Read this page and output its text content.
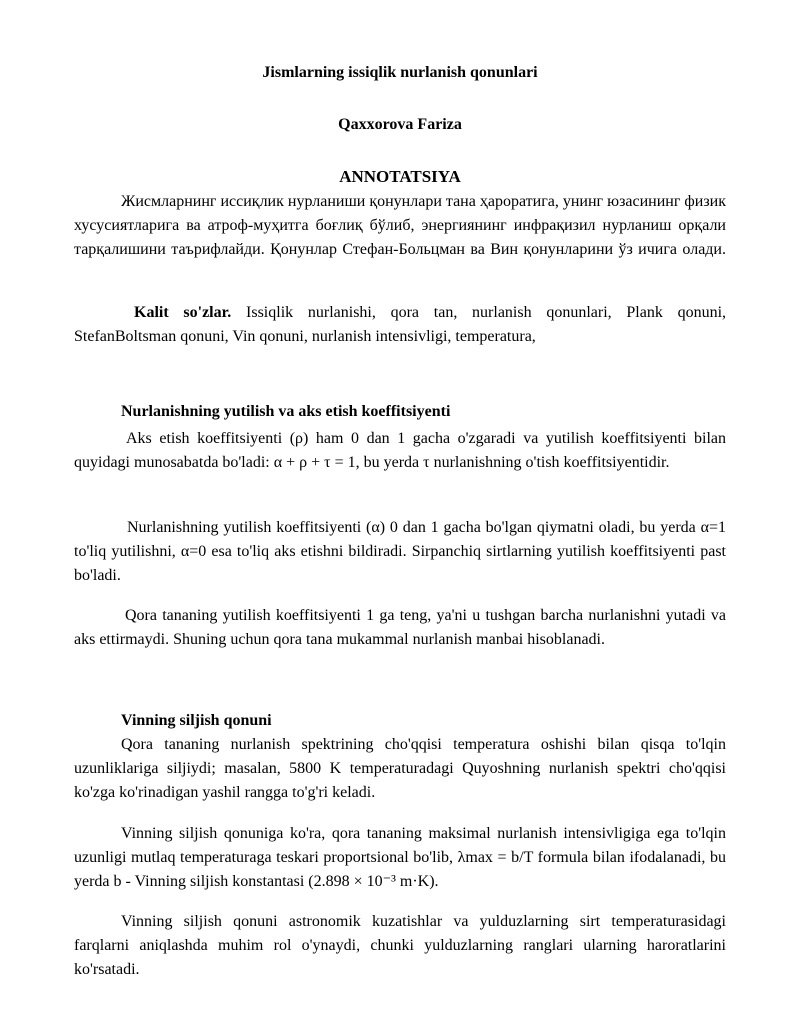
Jismlarning issiqlik nurlanish qonunlari
Qaxxorova Fariza
ANNOTATSIYA

Жисмларнинг иссиқлик нурланиши қонунлари тана ҳароратига, унинг юзасининг физик хусусиятларига ва атроф-муҳитга боғлиқ бўлиб, энергиянинг инфрақизил нурланиш орқали тарқалишини таърифлайди. Қонунлар Стефан-Больцман ва Вин қонунларини ўз ичига олади.

Kalit so'zlar. Issiqlik nurlanishi, qora tan, nurlanish qonunlari, Plank qonuni, StefanBoltsman qonuni, Vin qonuni, nurlanish intensivligi, temperatura,

Nurlanishning yutilish va aks etish koeffitsiyenti

Aks etish koeffitsiyenti (ρ) ham 0 dan 1 gacha o'zgaradi va yutilish koeffitsiyenti bilan quyidagi munosabatda bo'ladi: α + ρ + τ = 1, bu yerda τ nurlanishning o'tish koeffitsiyentidir.

Nurlanishning yutilish koeffitsiyenti (α) 0 dan 1 gacha bo'lgan qiymatni oladi, bu yerda α=1 to'liq yutilishni, α=0 esa to'liq aks etishni bildiradi. Sirpanchiq sirtlarning yutilish koeffitsiyenti past bo'ladi.

Qora tananing yutilish koeffitsiyenti 1 ga teng, ya'ni u tushgan barcha nurlanishni yutadi va aks ettirmaydi. Shuning uchun qora tana mukammal nurlanish manbai hisoblanadi.

Vinning siljish qonuni

Qora tananing nurlanish spektrining cho'qqisi temperatura oshishi bilan qisqa to'lqin uzunliklariga siljiydi; masalan, 5800 K temperaturadagi Quyoshning nurlanish spektri cho'qqisi ko'zga ko'rinadigan yashil rangga to'g'ri keladi.

Vinning siljish qonuniga ko'ra, qora tananing maksimal nurlanish intensivligiga ega to'lqin uzunligi mutlaq temperaturaga teskari proportsional bo'lib, λmax = b/T formula bilan ifodalanadi, bu yerda b - Vinning siljish konstantasi (2.898 × 10⁻³ m·K).

Vinning siljish qonuni astronomik kuzatishlar va yulduzlarning sirt temperaturasidagi farqlarni aniqlashda muhim rol o'ynaydi, chunki yulduzlarning ranglari ularning haroratlarini ko'rsatadi.
